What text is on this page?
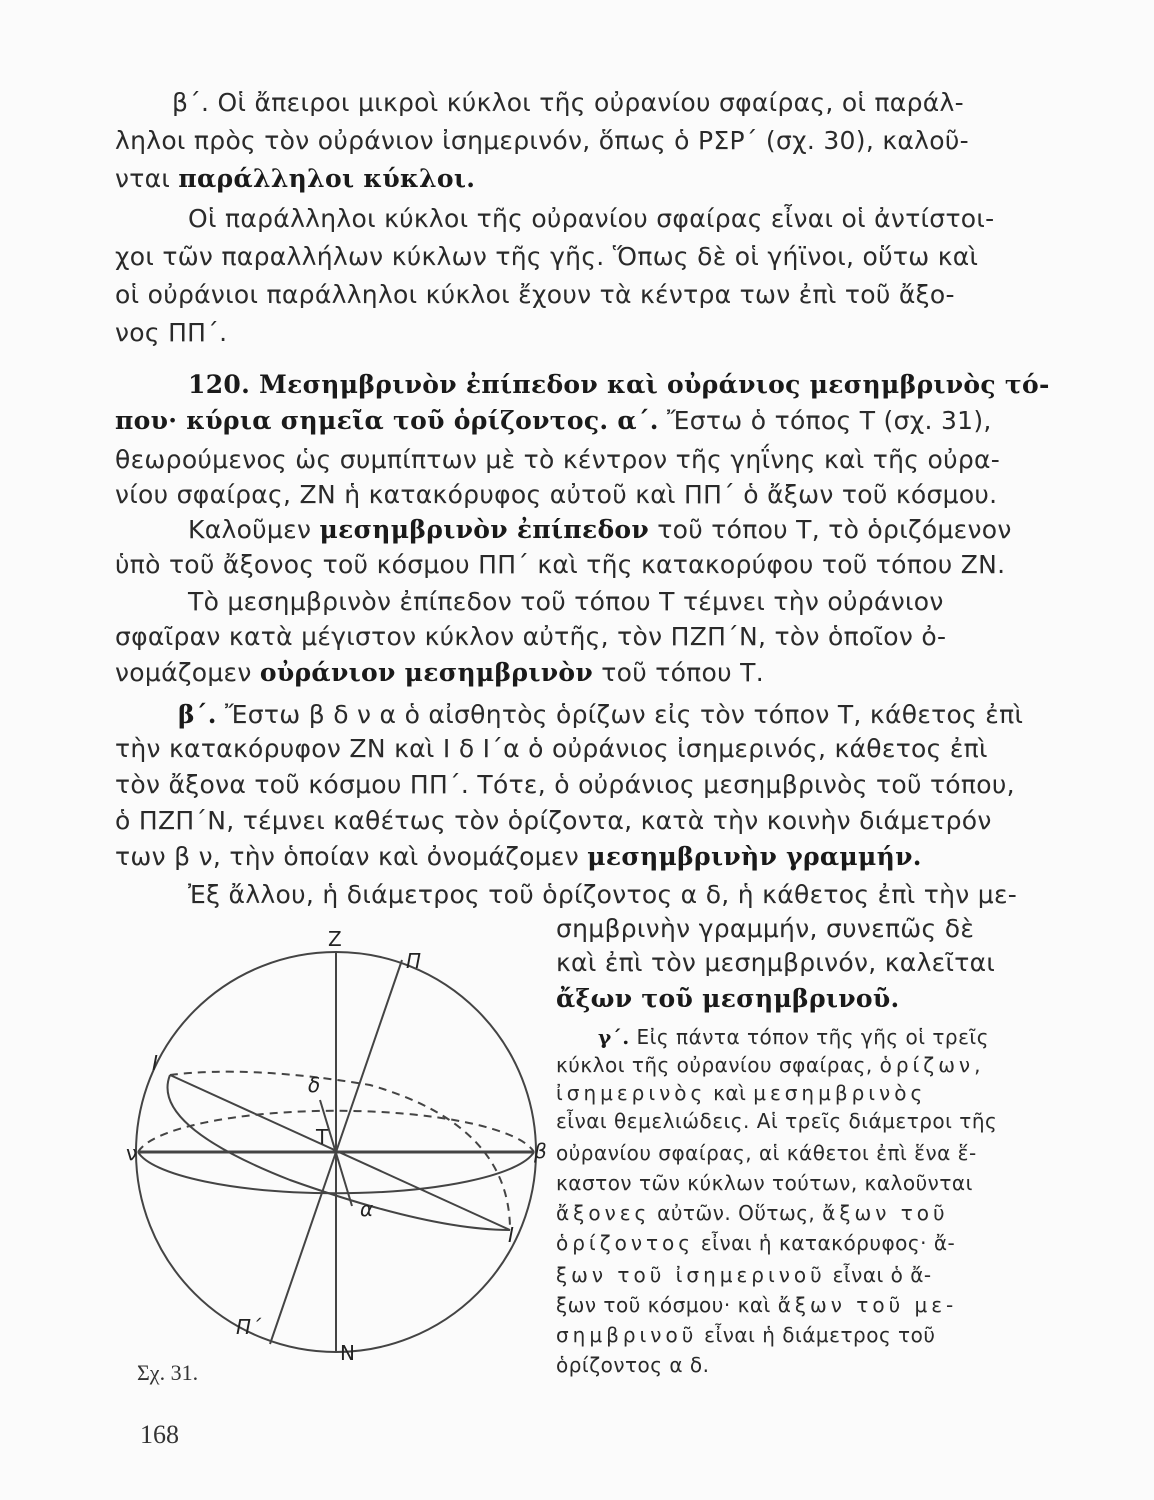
β΄. Οἱ ἄπειροι μικροὶ κύκλοι τῆς οὐρανίου σφαίρας, οἱ παράλ-
ληλοι πρὸς τὸν οὐράνιον ἰσημερινόν, ὅπως ὁ ΡΣΡ΄ (σχ. 30), καλοῦ-
νται παράλληλοι κύκλοι.
Οἱ παράλληλοι κύκλοι τῆς οὐρανίου σφαίρας εἶναι οἱ ἀντίστοι-
χοι τῶν παραλλήλων κύκλων τῆς γῆς. Ὅπως δὲ οἱ γήϊνοι, οὕτω καὶ
οἱ οὐράνιοι παράλληλοι κύκλοι ἔχουν τὰ κέντρα των ἐπὶ τοῦ ἄξο-
νος ΠΠ΄.
120. Μεσημβρινὸν ἐπίπεδον καὶ οὐράνιος μεσημβρινὸς τό-
που· κύρια σημεῖα τοῦ ὁρίζοντος. α΄. Ἔστω ὁ τόπος Τ (σχ. 31),
θεωρούμενος ὡς συμπίπτων μὲ τὸ κέντρον τῆς γηΐνης καὶ τῆς οὐρα-
νίου σφαίρας, ΖΝ ἡ κατακόρυφος αὐτοῦ καὶ ΠΠ΄ ὁ ἄξων τοῦ κόσμου.
Καλοῦμεν μεσημβρινὸν ἐπίπεδον τοῦ τόπου Τ, τὸ ὁριζόμενον
ὑπὸ τοῦ ἄξονος τοῦ κόσμου ΠΠ΄ καὶ τῆς κατακορύφου τοῦ τόπου ΖΝ.
Τὸ μεσημβρινὸν ἐπίπεδον τοῦ τόπου Τ τέμνει τὴν οὐράνιον
σφαῖραν κατὰ μέγιστον κύκλον αὐτῆς, τὸν ΠΖΠ΄Ν, τὸν ὁποῖον ὀ-
νομάζομεν οὐράνιον μεσημβρινὸν τοῦ τόπου Τ.
β΄. Ἔστω β δ ν α ὁ αἰσθητὸς ὁρίζων εἰς τὸν τόπον Τ, κάθετος ἐπὶ
τὴν κατακόρυφον ΖΝ καὶ Ι δ Ι΄α ὁ οὐράνιος ἰσημερινός, κάθετος ἐπὶ
τὸν ἄξονα τοῦ κόσμου ΠΠ΄. Τότε, ὁ οὐράνιος μεσημβρινὸς τοῦ τόπου,
ὁ ΠΖΠ΄Ν, τέμνει καθέτως τὸν ὁρίζοντα, κατὰ τὴν κοινὴν διάμετρόν
των β ν, τὴν ὁποίαν καὶ ὀνομάζομεν μεσημβρινὴν γραμμήν.
Ἐξ ἄλλου, ἡ διάμετρος τοῦ ὁρίζοντος α δ, ἡ κάθετος ἐπὶ τὴν με-
σημβρινὴν γραμμήν, συνεπῶς δὲ
καὶ ἐπὶ τὸν μεσημβρινόν, καλεῖται
ἄξων τοῦ μεσημβρινοῦ.
γ΄. Εἰς πάντα τόπον τῆς γῆς οἱ τρεῖς
κύκλοι τῆς οὐρανίου σφαίρας, ὁρίζων,
ἰσημερινὸς καὶ μεσημβρινὸς
εἶναι θεμελιώδεις. Αἱ τρεῖς διάμετροι τῆς
οὐρανίου σφαίρας, αἱ κάθετοι ἐπὶ ἕνα ἕ-
καστον τῶν κύκλων τούτων, καλοῦνται
ἄξονες αὐτῶν. Οὕτως, ἄξων τοῦ
ὁρίζοντος εἶναι ἡ κατακόρυφος· ἄ-
ξων τοῦ ἰσημερινοῦ εἶναι ὁ ἄ-
ξων τοῦ κόσμου· καὶ ἄξων τοῦ με-
σημβρινοῦ εἶναι ἡ διάμετρος τοῦ
ὁρίζοντος α δ.
Z
Π
I
δ
T
ν	β
α
I
Π΄
N
Σχ. 31.
168
